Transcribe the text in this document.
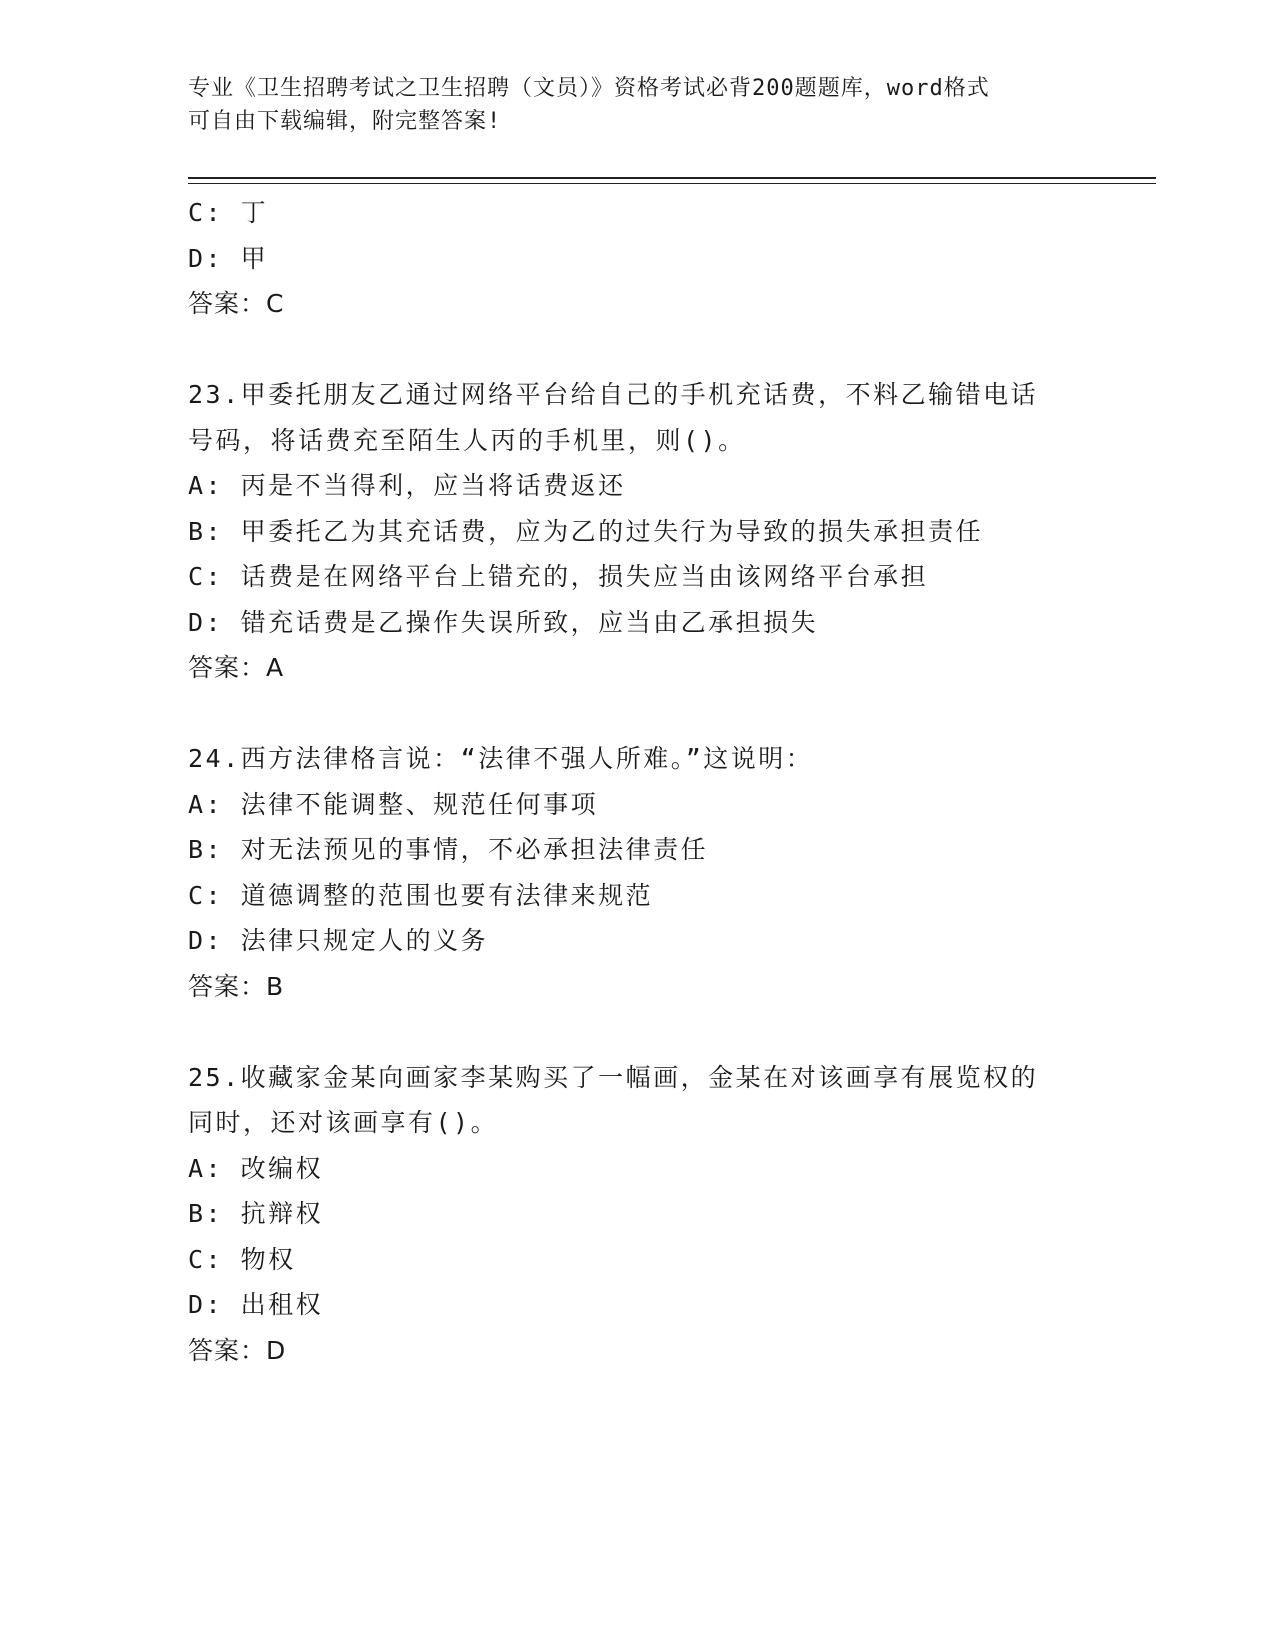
专业《卫生招聘考试之卫生招聘（文员）》资格考试必背200题题库，word格式
可自由下载编辑，附完整答案!
C: 丁
D: 甲
答案：C
23.甲委托朋友乙通过网络平台给自己的手机充话费，不料乙输错电话
号码，将话费充至陌生人丙的手机里，则()。
A: 丙是不当得利，应当将话费返还
B: 甲委托乙为其充话费，应为乙的过失行为导致的损失承担责任
C: 话费是在网络平台上错充的，损失应当由该网络平台承担
D: 错充话费是乙操作失误所致，应当由乙承担损失
答案：A
24.西方法律格言说：“法律不强人所难。”这说明：
A: 法律不能调整、规范任何事项
B: 对无法预见的事情，不必承担法律责任
C: 道德调整的范围也要有法律来规范
D: 法律只规定人的义务
答案：B
25.收藏家金某向画家李某购买了一幅画，金某在对该画享有展览权的
同时，还对该画享有()。
A: 改编权
B: 抗辩权
C: 物权
D: 出租权
答案：D
